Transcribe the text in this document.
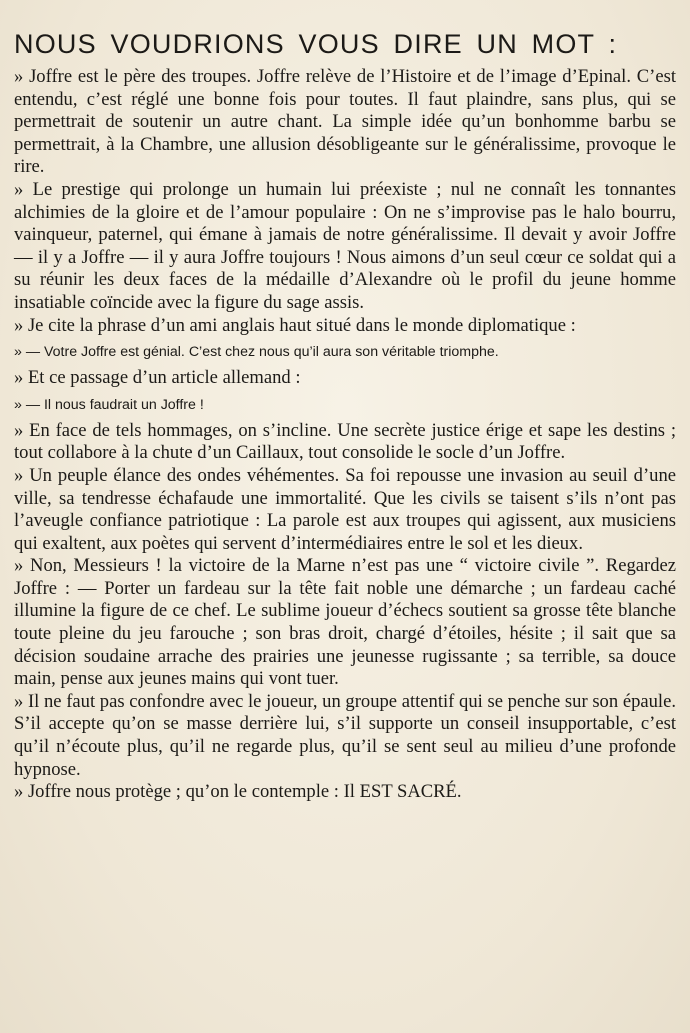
NOUS VOUDRIONS VOUS DIRE UN MOT :

» Joffre est le père des troupes. Joffre relève de l’Histoire et de l’image d’Epinal. C’est entendu, c’est réglé une bonne fois pour toutes. Il faut plaindre, sans plus, qui se permettrait de soutenir un autre chant. La simple idée qu’un bonhomme barbu se permettrait, à la Chambre, une allusion désobligeante sur le généralissime, provoque le rire.

» Le prestige qui prolonge un humain lui préexiste ; nul ne connaît les tonnantes alchimies de la gloire et de l’amour populaire : On ne s’improvise pas le halo bourru, vainqueur, paternel, qui émane à jamais de notre généralissime. Il devait y avoir Joffre — il y a Joffre — il y aura Joffre toujours ! Nous aimons d’un seul cœur ce soldat qui a su réunir les deux faces de la médaille d’Alexandre où le profil du jeune homme insatiable coïncide avec la figure du sage assis.

» Je cite la phrase d’un ami anglais haut situé dans le monde diplomatique :

» — Votre Joffre est génial. C’est chez nous qu’il aura son véritable triomphe.

» Et ce passage d’un article allemand :

» — Il nous faudrait un Joffre !

» En face de tels hommages, on s’incline. Une secrète justice érige et sape les destins ; tout collabore à la chute d’un Caillaux, tout consolide le socle d’un Joffre.

» Un peuple élance des ondes véhémentes. Sa foi repousse une invasion au seuil d’une ville, sa tendresse échafaude une immortalité. Que les civils se taisent s’ils n’ont pas l’aveugle confiance patriotique : La parole est aux troupes qui agissent, aux musiciens qui exaltent, aux poètes qui servent d’intermédiaires entre le sol et les dieux.

» Non, Messieurs ! la victoire de la Marne n’est pas une “ victoire civile ”. Regardez Joffre : — Porter un fardeau sur la tête fait noble une démarche ; un fardeau caché illumine la figure de ce chef. Le sublime joueur d’échecs soutient sa grosse tête blanche toute pleine du jeu farouche ; son bras droit, chargé d’étoiles, hésite ; il sait que sa décision soudaine arrache des prairies une jeunesse rugissante ; sa terrible, sa douce main, pense aux jeunes mains qui vont tuer.

» Il ne faut pas confondre avec le joueur, un groupe attentif qui se penche sur son épaule. S’il accepte qu’on se masse derrière lui, s’il supporte un conseil insupportable, c’est qu’il n’écoute plus, qu’il ne regarde plus, qu’il se sent seul au milieu d’une profonde hypnose.

» Joffre nous protège ; qu’on le contemple : Il EST SACRÉ.
